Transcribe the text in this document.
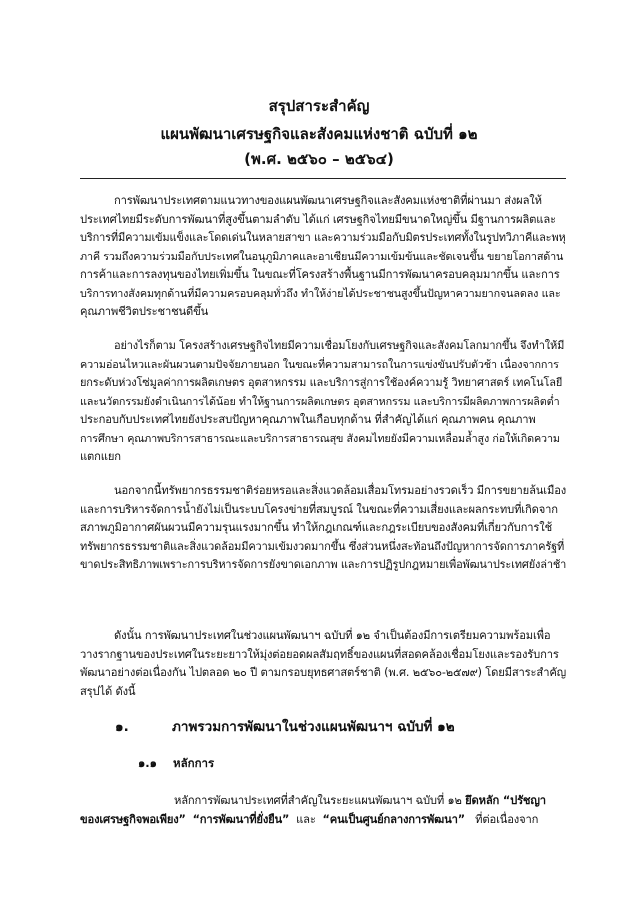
สรุปสาระสำคัญ
แผนพัฒนาเศรษฐกิจและสังคมแห่งชาติ ฉบับที่ ๑๒
(พ.ศ. ๒๕๖๐ – ๒๕๖๔)
การพัฒนาประเทศตามแนวทางของแผนพัฒนาเศรษฐกิจและสังคมแห่งชาติที่ผ่านมา ส่งผลให้
ประเทศไทยมีระดับการพัฒนาที่สูงขึ้นตามลำดับ ได้แก่ เศรษฐกิจไทยมีขนาดใหญ่ขึ้น มีฐานการผลิตและ
บริการที่มีความเข้มแข็งและโดดเด่นในหลายสาขา และความร่วมมือกับมิตรประเทศทั้งในรูปทวิภาคีและพหุ
ภาคี รวมถึงความร่วมมือกับประเทศในอนุภูมิภาคและอาเซียนมีความเข้มข้นและชัดเจนขึ้น ขยายโอกาสด้าน
การค้าและการลงทุนของไทยเพิ่มขึ้น ในขณะที่โครงสร้างพื้นฐานมีการพัฒนาครอบคลุมมากขึ้น และการ
บริการทางสังคมทุกด้านที่มีความครอบคลุมทั่วถึง ทำให้ง่ายได้ประชาชนสูงขึ้นปัญหาความยากจนลดลง และ
คุณภาพชีวิตประชาชนดีขึ้น
อย่างไรก็ตาม โครงสร้างเศรษฐกิจไทยมีความเชื่อมโยงกับเศรษฐกิจและสังคมโลกมากขึ้น จึงทำให้มี
ความอ่อนไหวและผันผวนตามปัจจัยภายนอก ในขณะที่ความสามารถในการแข่งขันปรับตัวช้า เนื่องจากการ
ยกระดับห่วงโซ่มูลค่าการผลิตเกษตร อุตสาหกรรม และบริการสู่การใช้องค์ความรู้ วิทยาศาสตร์ เทคโนโลยี
และนวัตกรรมยังดำเนินการได้น้อย ทำให้ฐานการผลิตเกษตร อุตสาหกรรม และบริการมีผลิตภาพการผลิตต่ำ
ประกอบกับประเทศไทยยังประสบปัญหาคุณภาพในเกือบทุกด้าน ที่สำคัญได้แก่ คุณภาพคน คุณภาพ
การศึกษา คุณภาพบริการสาธารณะและบริการสาธารณสุข สังคมไทยยังมีความเหลื่อมล้ำสูง ก่อให้เกิดความ
แตกแยก
นอกจากนี้ทรัพยากรธรรมชาติร่อยหรอและสิ่งแวดล้อมเสื่อมโทรมอย่างรวดเร็ว มีการขยายล้นเมือง
และการบริหารจัดการน้ำยังไม่เป็นระบบโครงข่ายที่สมบูรณ์ ในขณะที่ความเสี่ยงและผลกระทบที่เกิดจาก
สภาพภูมิอากาศผันผวนมีความรุนแรงมากขึ้น ทำให้กฎเกณฑ์และกฎระเบียบของสังคมที่เกี่ยวกับการใช้
ทรัพยากรธรรมชาติและสิ่งแวดล้อมมีความเข้มงวดมากขึ้น ซึ่งส่วนหนึ่งสะท้อนถึงปัญหาการจัดการภาครัฐที่
ขาดประสิทธิภาพเพราะการบริหารจัดการยังขาดเอกภาพ และการปฏิรูปกฎหมายเพื่อพัฒนาประเทศยังล่าช้า
ดังนั้น การพัฒนาประเทศในช่วงแผนพัฒนาฯ ฉบับที่ ๑๒ จำเป็นต้องมีการเตรียมความพร้อมเพื่อ
วางรากฐานของประเทศในระยะยาวให้มุ่งต่อยอดผลสัมฤทธิ์ของแผนที่สอดคล้องเชื่อมโยงและรองรับการ
พัฒนาอย่างต่อเนื่องกัน ไปตลอด ๒๐ ปี ตามกรอบยุทธศาสตร์ชาติ (พ.ศ. ๒๕๖๐-๒๕๗๙) โดยมีสาระสำคัญ
สรุปได้ ดังนี้
๑.	ภาพรวมการพัฒนาในช่วงแผนพัฒนาฯ ฉบับที่ ๑๒
๑.๑ หลักการ
หลักการพัฒนาประเทศที่สำคัญในระยะแผนพัฒนาฯ ฉบับที่ ๑๒ ยึดหลัก “ปรัชญา
ของเศรษฐกิจพอเพียง” “การพัฒนาที่ยั่งยืน”  และ  “คนเป็นศูนย์กลางการพัฒนา”   ที่ต่อเนื่องจาก
